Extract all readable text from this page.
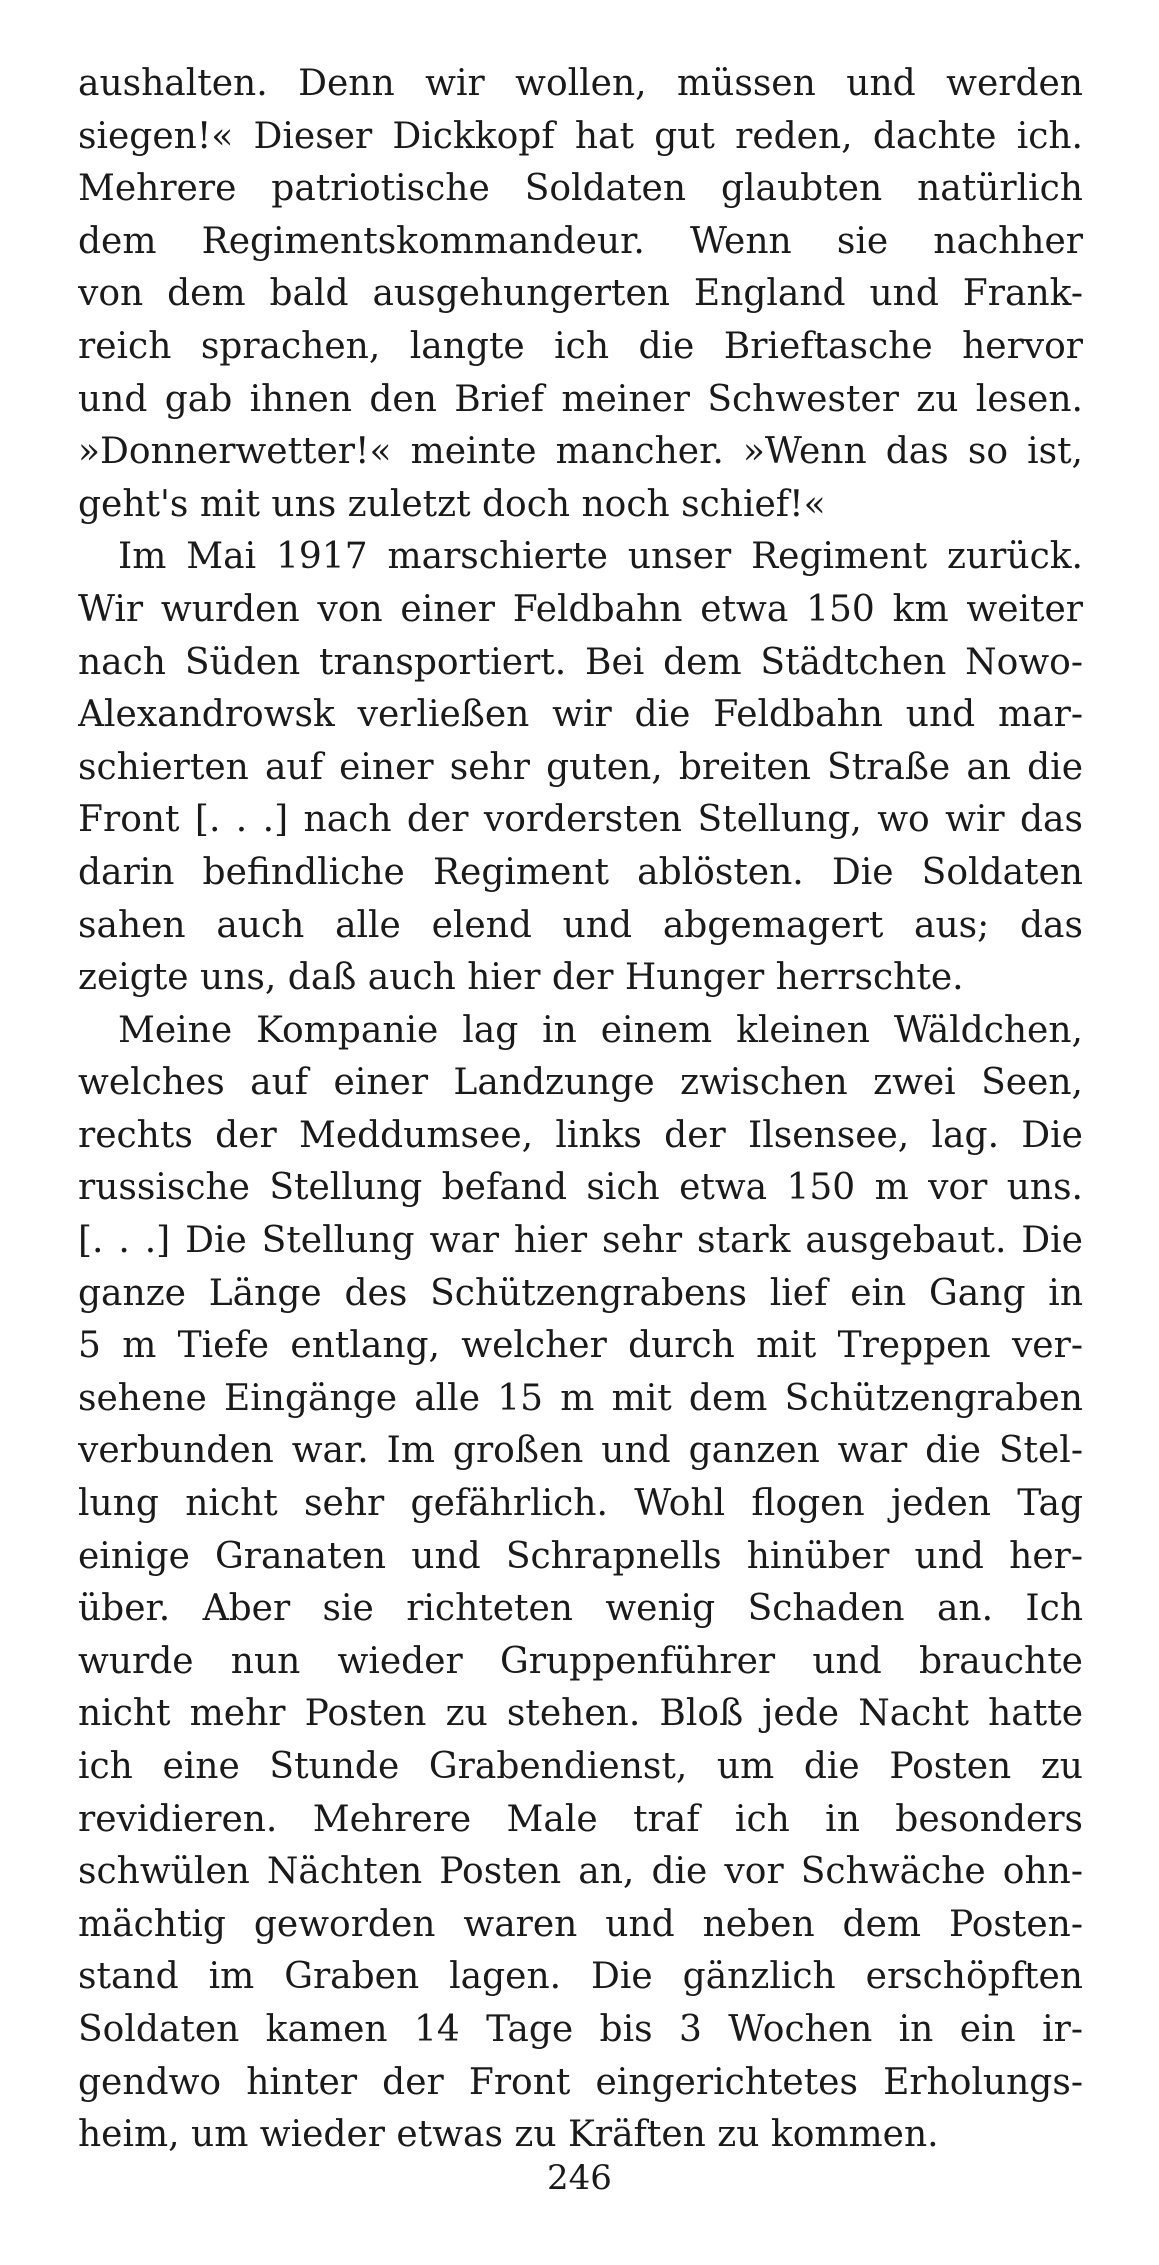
aushalten. Denn wir wollen, müssen und werden
siegen!« Dieser Dickkopf hat gut reden, dachte ich.
Mehrere patriotische Soldaten glaubten natürlich
dem Regimentskommandeur. Wenn sie nachher
von dem bald ausgehungerten England und Frank-
reich sprachen, langte ich die Brieftasche hervor
und gab ihnen den Brief meiner Schwester zu lesen.
»Donnerwetter!« meinte mancher. »Wenn das so ist,
geht's mit uns zuletzt doch noch schief!«
Im Mai 1917 marschierte unser Regiment zurück.
Wir wurden von einer Feldbahn etwa 150 km weiter
nach Süden transportiert. Bei dem Städtchen Nowo-
Alexandrowsk verließen wir die Feldbahn und mar-
schierten auf einer sehr guten, breiten Straße an die
Front [. . .] nach der vordersten Stellung, wo wir das
darin befindliche Regiment ablösten. Die Soldaten
sahen auch alle elend und abgemagert aus; das
zeigte uns, daß auch hier der Hunger herrschte.
Meine Kompanie lag in einem kleinen Wäldchen,
welches auf einer Landzunge zwischen zwei Seen,
rechts der Meddumsee, links der Ilsensee, lag. Die
russische Stellung befand sich etwa 150 m vor uns.
[. . .] Die Stellung war hier sehr stark ausgebaut. Die
ganze Länge des Schützengrabens lief ein Gang in
5 m Tiefe entlang, welcher durch mit Treppen ver-
sehene Eingänge alle 15 m mit dem Schützengraben
verbunden war. Im großen und ganzen war die Stel-
lung nicht sehr gefährlich. Wohl flogen jeden Tag
einige Granaten und Schrapnells hinüber und her-
über. Aber sie richteten wenig Schaden an. Ich
wurde nun wieder Gruppenführer und brauchte
nicht mehr Posten zu stehen. Bloß jede Nacht hatte
ich eine Stunde Grabendienst, um die Posten zu
revidieren. Mehrere Male traf ich in besonders
schwülen Nächten Posten an, die vor Schwäche ohn-
mächtig geworden waren und neben dem Posten-
stand im Graben lagen. Die gänzlich erschöpften
Soldaten kamen 14 Tage bis 3 Wochen in ein ir-
gendwo hinter der Front eingerichtetes Erholungs-
heim, um wieder etwas zu Kräften zu kommen.
246
